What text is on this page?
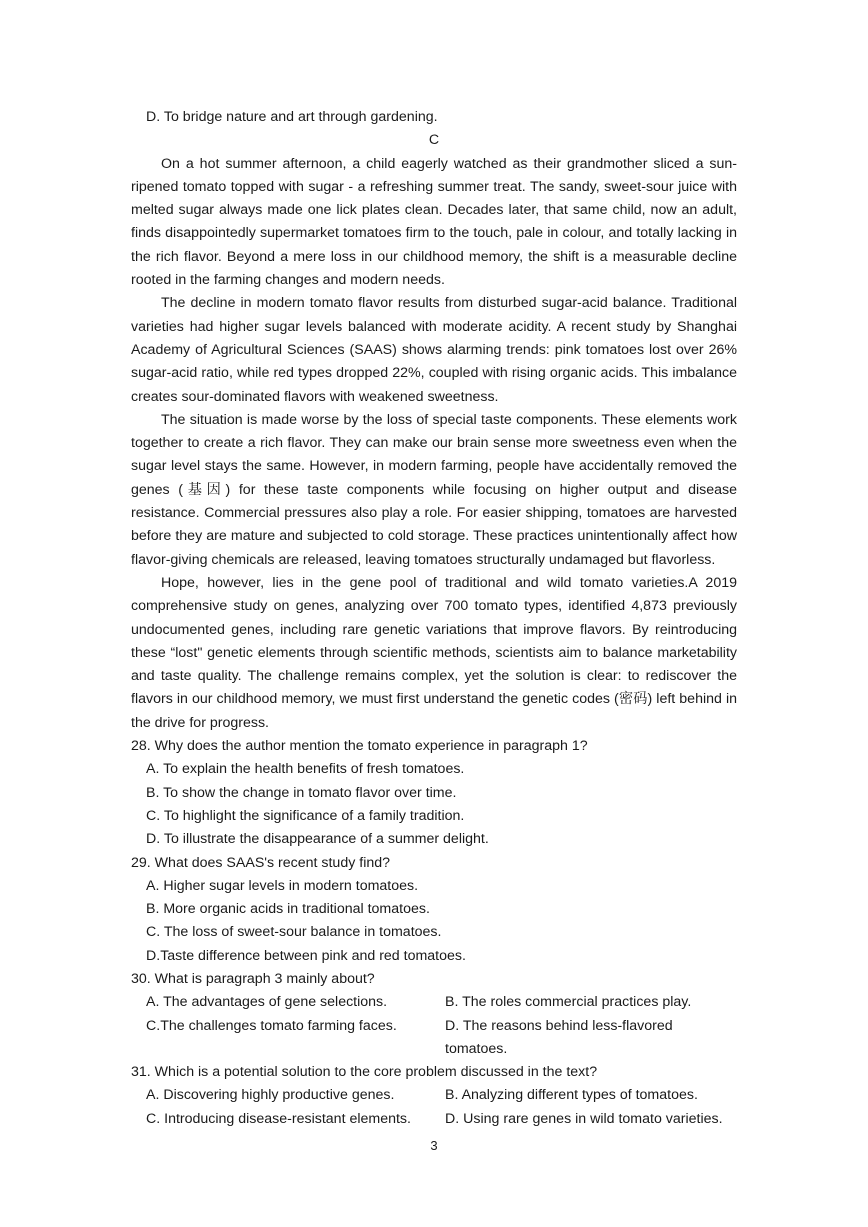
D. To bridge nature and art through gardening.

C

On a hot summer afternoon, a child eagerly watched as their grandmother sliced a sun-ripened tomato topped with sugar - a refreshing summer treat. The sandy, sweet-sour juice with melted sugar always made one lick plates clean. Decades later, that same child, now an adult, finds disappointedly supermarket tomatoes firm to the touch, pale in colour, and totally lacking in the rich flavor. Beyond a mere loss in our childhood memory, the shift is a measurable decline rooted in the farming changes and modern needs.

The decline in modern tomato flavor results from disturbed sugar-acid balance. Traditional varieties had higher sugar levels balanced with moderate acidity. A recent study by Shanghai Academy of Agricultural Sciences (SAAS) shows alarming trends: pink tomatoes lost over 26% sugar-acid ratio, while red types dropped 22%, coupled with rising organic acids. This imbalance creates sour-dominated flavors with weakened sweetness.

The situation is made worse by the loss of special taste components. These elements work together to create a rich flavor. They can make our brain sense more sweetness even when the sugar level stays the same. However, in modern farming, people have accidentally removed the genes (基因) for these taste components while focusing on higher output and disease resistance. Commercial pressures also play a role. For easier shipping, tomatoes are harvested before they are mature and subjected to cold storage. These practices unintentionally affect how flavor-giving chemicals are released, leaving tomatoes structurally undamaged but flavorless.

Hope, however, lies in the gene pool of traditional and wild tomato varieties.A 2019 comprehensive study on genes, analyzing over 700 tomato types, identified 4,873 previously undocumented genes, including rare genetic variations that improve flavors. By reintroducing these “lost" genetic elements through scientific methods, scientists aim to balance marketability and taste quality. The challenge remains complex, yet the solution is clear: to rediscover the flavors in our childhood memory, we must first understand the genetic codes (密码) left behind in the drive for progress.

28. Why does the author mention the tomato experience in paragraph 1?

A. To explain the health benefits of fresh tomatoes.

B. To show the change in tomato flavor over time.

C. To highlight the significance of a family tradition.

D. To illustrate the disappearance of a summer delight.

29. What does SAAS's recent study find?

A. Higher sugar levels in modern tomatoes.

B. More organic acids in traditional tomatoes.

C. The loss of sweet-sour balance in tomatoes.

D.Taste difference between pink and red tomatoes.

30. What is paragraph 3 mainly about?

A. The advantages of gene selections.	B. The roles commercial practices play.
C.The challenges tomato farming faces.	D. The reasons behind less-flavored tomatoes.

31. Which is a potential solution to the core problem discussed in the text?

A. Discovering highly productive genes.	B. Analyzing different types of tomatoes.
C. Introducing disease-resistant elements.	D. Using rare genes in wild tomato varieties.
3
